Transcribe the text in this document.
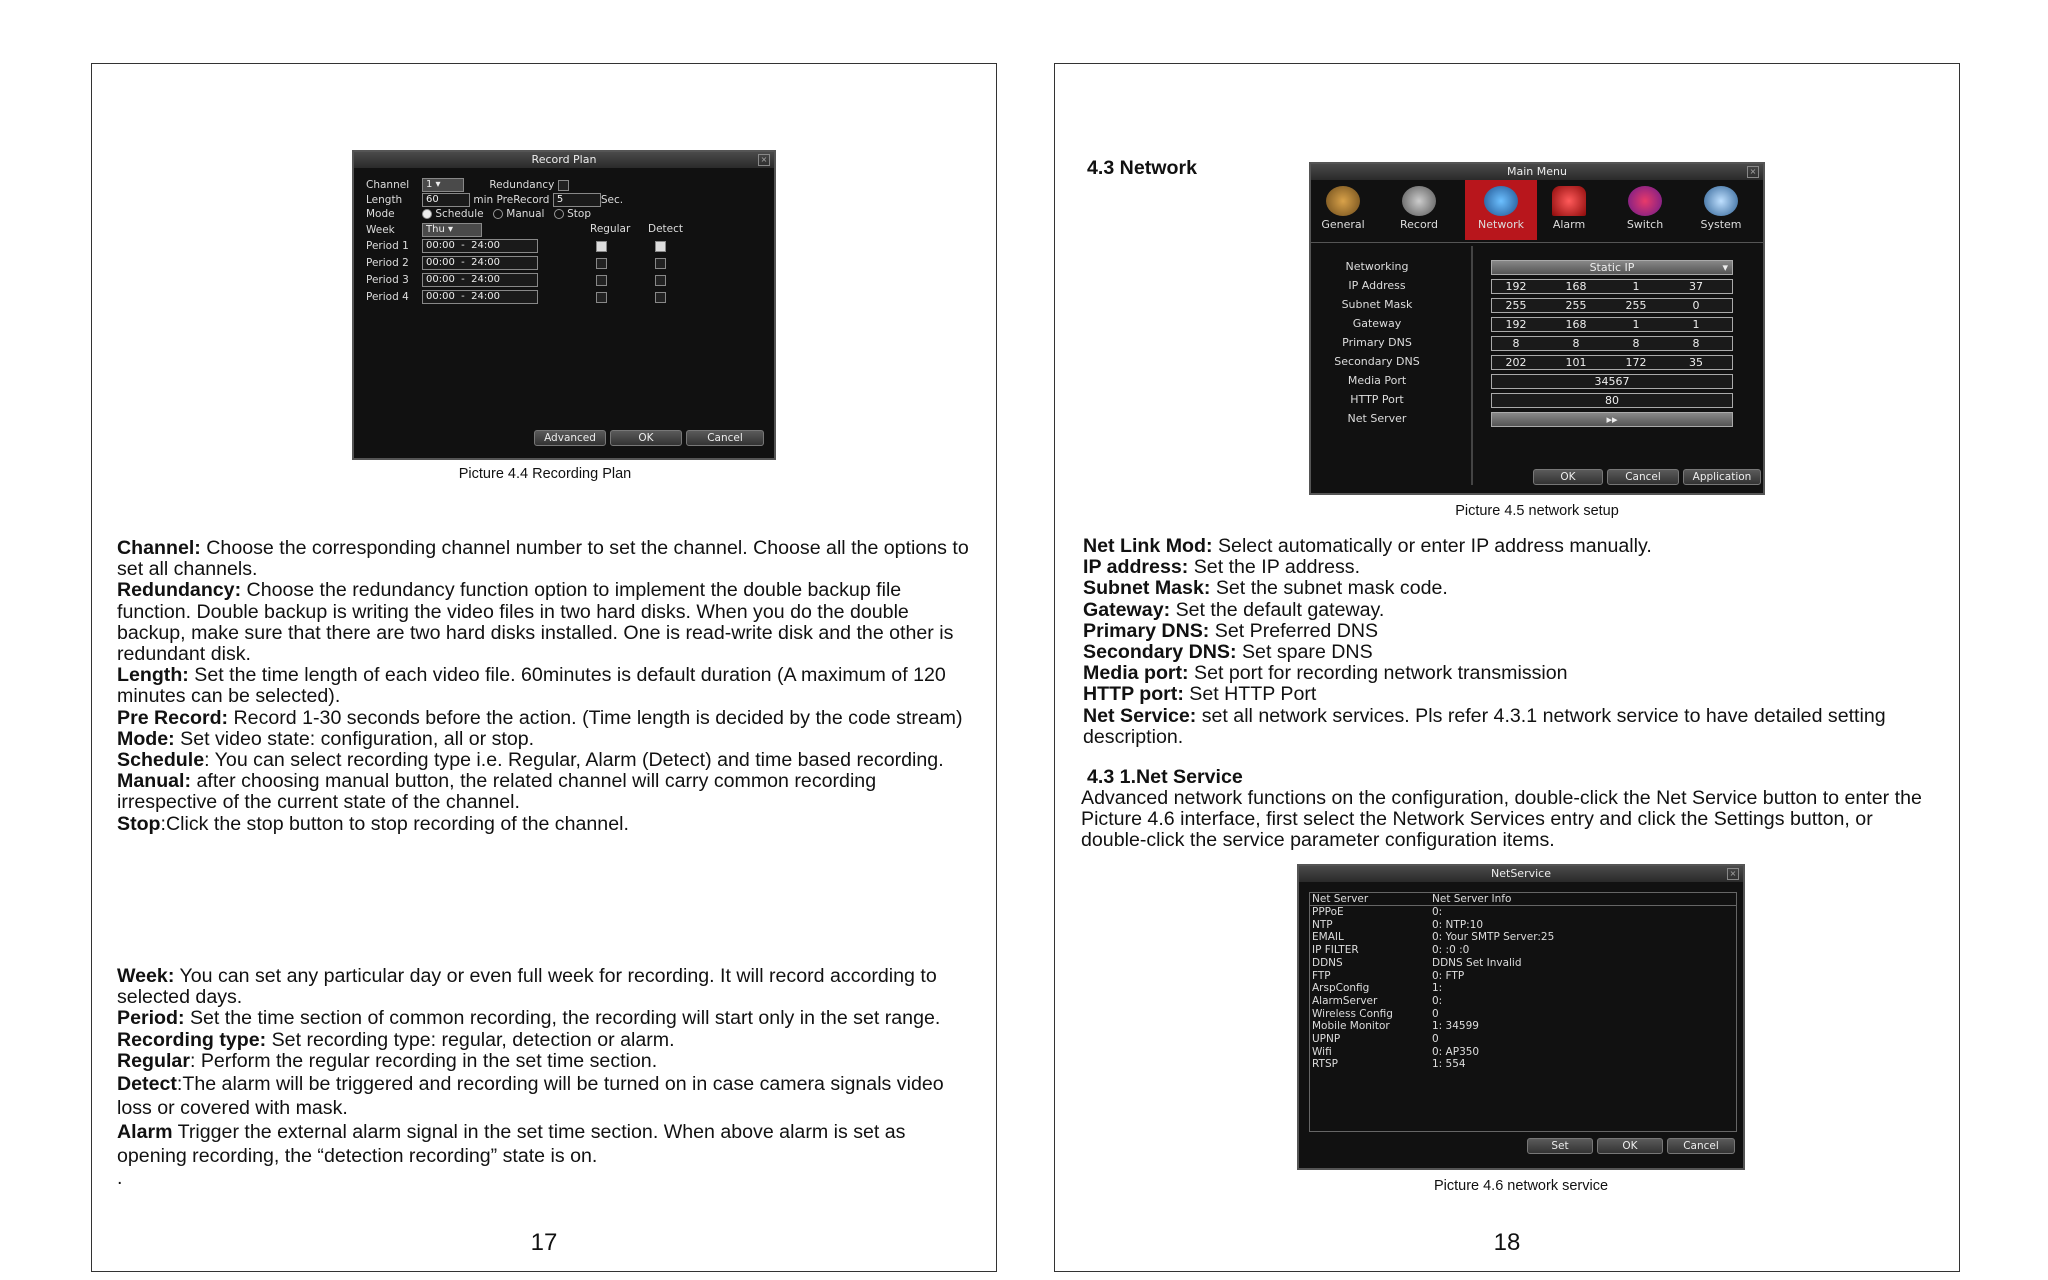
Record Plan	×
Channel 1 ▾	Redundancy
Length 60	min PreRecord 5	Sec.
Mode	Schedule Manual Stop
Week	Thu ▾	Regular Detect
Period 1 00:00  -  24:00
Period 2 00:00  -  24:00
Period 3 00:00  -  24:00
Period 4 00:00  -  24:00
Advanced	OK	Cancel
Picture 4.4 Recording Plan

Channel: Choose the corresponding channel number to set the channel. Choose all the options to set all channels.

Redundancy: Choose the redundancy function option to implement the double backup file function. Double backup is writing the video files in two hard disks. When you do the double backup, make sure that there are two hard disks installed. One is read-write disk and the other is redundant disk.

Length: Set the time length of each video file. 60minutes is default duration (A maximum of 120 minutes can be selected).

Pre Record: Record 1-30 seconds before the action. (Time length is decided by the code stream)

Mode: Set video state: configuration, all or stop.

Schedule: You can select recording type i.e. Regular, Alarm (Detect) and time based recording.

Manual: after choosing manual button, the related channel will carry common recording irrespective of the current state of the channel.

Stop:Click the stop button to stop recording of the channel.

Week: You can set any particular day or even full week for recording. It will record according to selected days.

Period: Set the time section of common recording, the recording will start only in the set range.

Recording type: Set recording type: regular, detection or alarm.

Regular: Perform the regular recording in the set time section.

Detect:The alarm will be triggered and recording will be turned on in case camera signals video loss or covered with mask.

Alarm Trigger the external alarm signal in the set time section. When above alarm is set as opening recording, the “detection recording” state is on.

.

17
4.3 Network	Main Menu	×
General	Record	Network	Alarm	Switch	System
Networking	Static IP	▾
IP Address	192	168	1	37
Subnet Mask	255	255	255	0
Gateway	192	168	1	1
Primary DNS	8	8	8	8
Secondary DNS	202	101	172	35
Media Port	34567
HTTP Port	80
Net Server	▸▸
OK	Cancel	Application
Picture 4.5 network setup

Net Link Mod: Select automatically or enter IP address manually.

IP address: Set the IP address.

Subnet Mask: Set the subnet mask code.

Gateway: Set the default gateway.

Primary DNS: Set Preferred DNS

Secondary DNS: Set spare DNS

Media port: Set port for recording network transmission

HTTP port: Set HTTP Port

Net Service: set all network services. Pls refer 4.3.1 network service to have detailed setting description.

4.3 1.Net Service
Advanced network functions on the configuration, double-click the Net Service button to enter the Picture 4.6 interface, first select the Network Services entry and click the Settings button, or double-click the service parameter configuration items.
NetService	×
Net Server	Net Server Info
PPPoE	0:
NTP	0: NTP:10
EMAIL	0: Your SMTP Server:25
IP FILTER	0: :0 :0
DDNS	DDNS Set Invalid
FTP	0: FTP
ArspConfig	1:
AlarmServer	0:
Wireless Config	0
Mobile Monitor	1: 34599
UPNP	0
Wifi	0: AP350
RTSP	1: 554
Set	OK	Cancel
Picture 4.6 network service
18
